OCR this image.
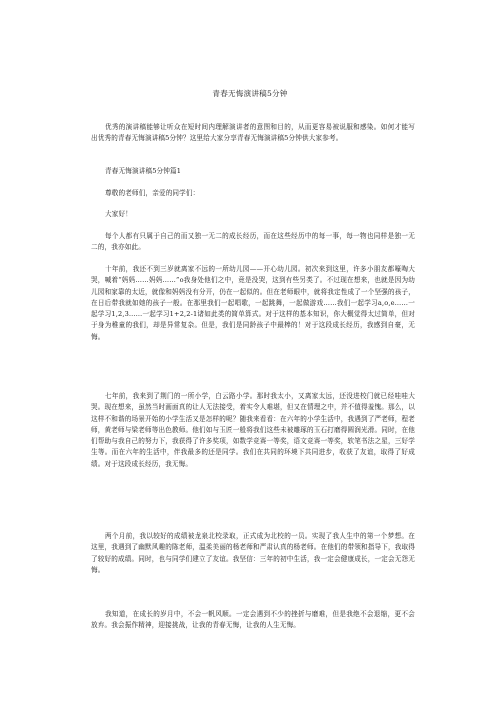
青春无悔演讲稿5分钟

优秀的演讲稿能够让听众在短时间内理解演讲者的意图和目的，从而更容易被说服和感染。如何才能写出优秀的青春无悔演讲稿5分钟？这里给大家分享青春无悔演讲稿5分钟供大家参考。

青春无悔演讲稿5分钟篇1

尊敬的老师们，亲爱的同学们：

大家好！

每个人都有只属于自己的而又独一无二的成长经历，而在这些经历中的每一事，每一物也同样是独一无二的，我亦如此。

十年前，我还不到三岁就离家不远的一所幼儿园——开心幼儿园。初次来到这里，许多小朋友都嚎啕大哭，喊着“妈妈……妈妈……”o我身处他们之中，竟是没哭，这到有些另类了。不过现在想来，也就是因为幼儿园和家靠的太近，就像和妈妈没有分开，仍在一起似的。但在老师眼中，就将我定性成了一个坚强的孩子，在日后带我就如她的孩子一般。在那里我们一起唱歌，一起跳舞，一起做游戏……我们一起学习a,o,e……一起学习1,2,3……一起学习1+2,2-1诸如此类的简单算式。对于这样的基本知识，你大概觉得太过简单，但对于身为稚童的我们，却是异常复杂。但是，我们是同龄孩子中最棒的！对于这段成长经历，我感到自豪，无悔。

七年前，我来到了荆门的一所小学，白云路小学。那时我太小，又离家太远，还没进校门就已经哇哇大哭。现在想来，虽然当时画面真的让人无法接受，着实令人难堪，但又在情理之中，并不值得羞愧。那么，以这样不和谐的场景开始的小学生活又是怎样的呢？随我来看看：在六年的小学生活中，我遇到了严老师，程老师，黄老师与梁老师等出色教师。他们如与玉匠一般将我们这些未被雕琢的玉石打磨得圆润光滑。同时，在他们帮助与我自己的努力下，我获得了许多奖项，如数学竞赛一等奖，语文竞赛一等奖，软笔书法之星，三好学生等。而在六年的生活中，伴我最多的还是同学。我们在共同的环境下共同进步，收获了友谊，取得了好成绩。对于这段成长经历，我无悔。

两个月前，我以较好的成绩被龙泉北校录取，正式成为北校的一员。实现了我人生中的第一个梦想。在这里，我遇到了幽默风趣的陈老师，温柔美丽的杨老师和严肃认真的杨老师。在他们的带领和指导下，我取得了较好的成绩。同时，也与同学们建立了友谊。我坚信：三年的初中生活，我一定会健康成长，一定会无怨无悔。

我知道，在成长的岁月中，不会一帆风顺。一定会遇到不少的挫折与磨难，但是我绝不会退缩，更不会放弃。我会振作精神，迎接挑战，让我的青春无悔，让我的人生无悔。
